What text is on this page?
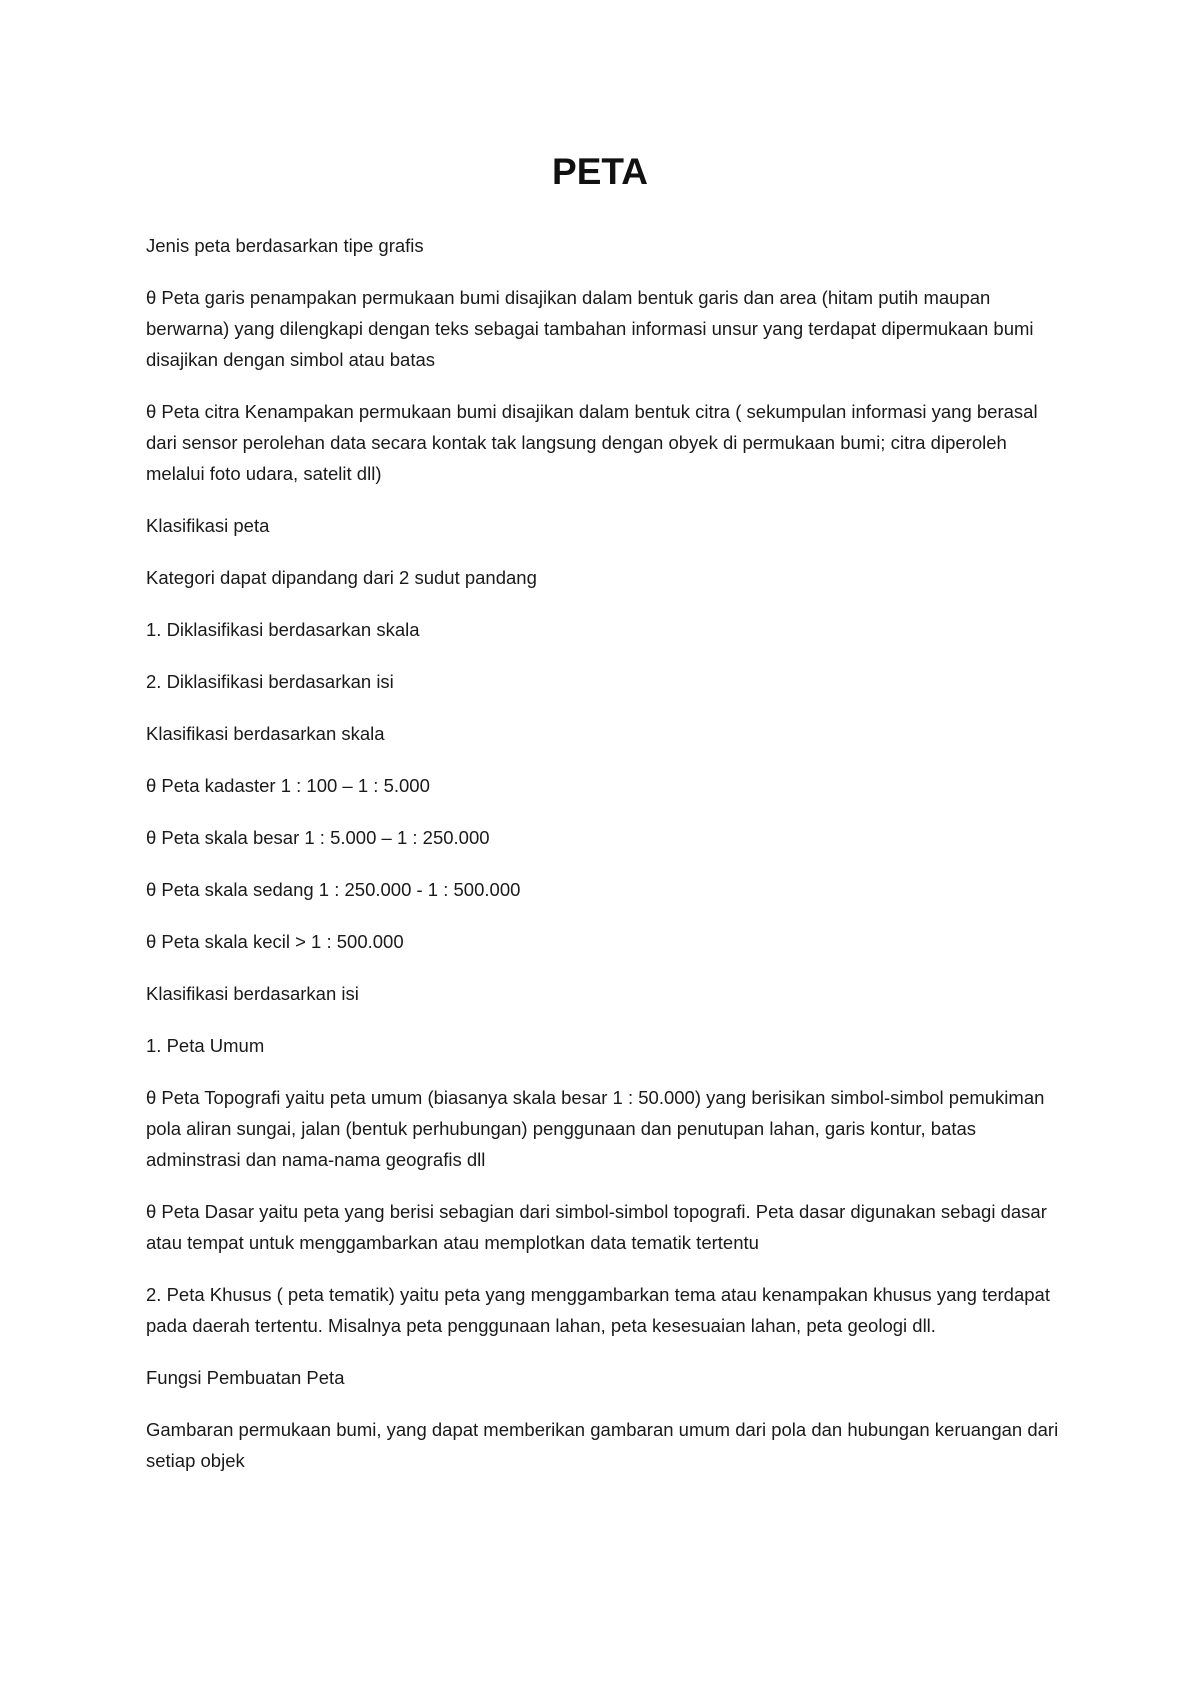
PETA

Jenis peta berdasarkan tipe grafis

θ Peta garis penampakan permukaan bumi disajikan dalam bentuk garis dan area (hitam putih maupan berwarna) yang dilengkapi dengan teks sebagai tambahan informasi unsur yang terdapat dipermukaan bumi disajikan dengan simbol atau batas

θ Peta citra Kenampakan permukaan bumi disajikan dalam bentuk citra ( sekumpulan informasi yang berasal dari sensor perolehan data secara kontak tak langsung dengan obyek di permukaan bumi; citra diperoleh melalui foto udara, satelit dll)

Klasifikasi peta

Kategori dapat dipandang dari 2 sudut pandang

1. Diklasifikasi berdasarkan skala

2. Diklasifikasi berdasarkan isi

Klasifikasi berdasarkan skala

θ Peta kadaster 1 : 100 – 1 : 5.000

θ Peta skala besar 1 : 5.000 – 1 : 250.000

θ Peta skala sedang 1 : 250.000 - 1 : 500.000

θ Peta skala kecil > 1 : 500.000

Klasifikasi berdasarkan isi

1. Peta Umum

θ Peta Topografi yaitu peta umum (biasanya skala besar 1 : 50.000) yang berisikan simbol-simbol pemukiman pola aliran sungai, jalan (bentuk perhubungan) penggunaan dan penutupan lahan, garis kontur, batas adminstrasi dan nama-nama geografis dll

θ Peta Dasar yaitu peta yang berisi sebagian dari simbol-simbol topografi. Peta dasar digunakan sebagi dasar atau tempat untuk menggambarkan atau memplotkan data tematik tertentu

2. Peta Khusus ( peta tematik) yaitu peta yang menggambarkan tema atau kenampakan khusus yang terdapat pada daerah tertentu. Misalnya peta penggunaan lahan, peta kesesuaian lahan, peta geologi dll.

Fungsi Pembuatan Peta

Gambaran permukaan bumi, yang dapat memberikan gambaran umum dari pola dan hubungan keruangan dari setiap objek
